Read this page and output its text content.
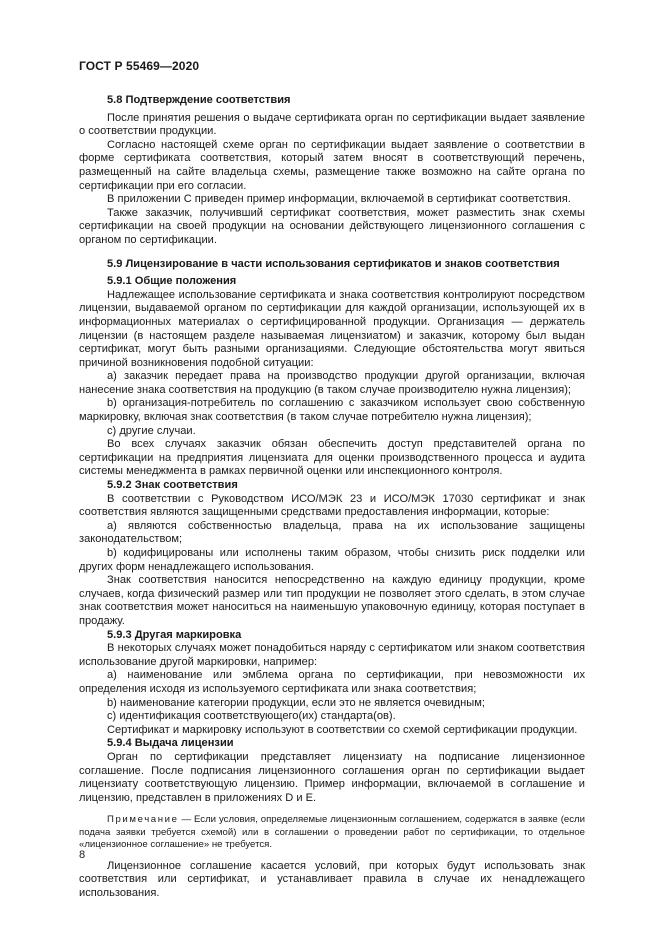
ГОСТ Р 55469—2020
5.8 Подтверждение соответствия

После принятия решения о выдаче сертификата орган по сертификации выдает заявление о соответствии продукции.

Согласно настоящей схеме орган по сертификации выдает заявление о соответствии в форме сертификата соответствия, который затем вносят в соответствующий перечень, размещенный на сайте владельца схемы, размещение также возможно на сайте органа по сертификации при его согласии.

В приложении С приведен пример информации, включаемой в сертификат соответствия.

Также заказчик, получивший сертификат соответствия, может разместить знак схемы сертификации на своей продукции на основании действующего лицензионного соглашения с органом по сертификации.

5.9 Лицензирование в части использования сертификатов и знаков соответствия
5.9.1 Общие положения

Надлежащее использование сертификата и знака соответствия контролируют посредством лицензии, выдаваемой органом по сертификации для каждой организации, использующей их в информационных материалах о сертифицированной продукции. Организация — держатель лицензии (в настоящем разделе называемая лицензиатом) и заказчик, которому был выдан сертификат, могут быть разными организациями. Следующие обстоятельства могут явиться причиной возникновения подобной ситуации:

а) заказчик передает права на производство продукции другой организации, включая нанесение знака соответствия на продукцию (в таком случае производителю нужна лицензия);

b) организация-потребитель по соглашению с заказчиком использует свою собственную маркировку, включая знак соответствия (в таком случае потребителю нужна лицензия);

с) другие случаи.

Во всех случаях заказчик обязан обеспечить доступ представителей органа по сертификации на предприятия лицензиата для оценки производственного процесса и аудита системы менеджмента в рамках первичной оценки или инспекционного контроля.

5.9.2 Знак соответствия

В соответствии с Руководством ИСО/МЭК 23 и ИСО/МЭК 17030 сертификат и знак соответствия являются защищенными средствами предоставления информации, которые:

а) являются собственностью владельца, права на их использование защищены законодательством;

b) кодифицированы или исполнены таким образом, чтобы снизить риск подделки или других форм ненадлежащего использования.

Знак соответствия наносится непосредственно на каждую единицу продукции, кроме случаев, когда физический размер или тип продукции не позволяет этого сделать, в этом случае знак соответствия может наноситься на наименьшую упаковочную единицу, которая поступает в продажу.

5.9.3 Другая маркировка

В некоторых случаях может понадобиться наряду с сертификатом или знаком соответствия использование другой маркировки, например:

а) наименование или эмблема органа по сертификации, при невозможности их определения исходя из используемого сертификата или знака соответствия;

b) наименование категории продукции, если это не является очевидным;

с) идентификация соответствующего(их) стандарта(ов).

Сертификат и маркировку используют в соответствии со схемой сертификации продукции.

5.9.4 Выдача лицензии

Орган по сертификации представляет лицензиату на подписание лицензионное соглашение. После подписания лицензионного соглашения орган по сертификации выдает лицензиату соответствующую лицензию. Пример информации, включаемой в соглашение и лицензию, представлен в приложениях D и E.

Примечание — Если условия, определяемые лицензионным соглашением, содержатся в заявке (если подача заявки требуется схемой) или в соглашении о проведении работ по сертификации, то отдельное «лицензионное соглашение» не требуется.

Лицензионное соглашение касается условий, при которых будут использовать знак соответствия или сертификат, и устанавливает правила в случае их ненадлежащего использования.

8
